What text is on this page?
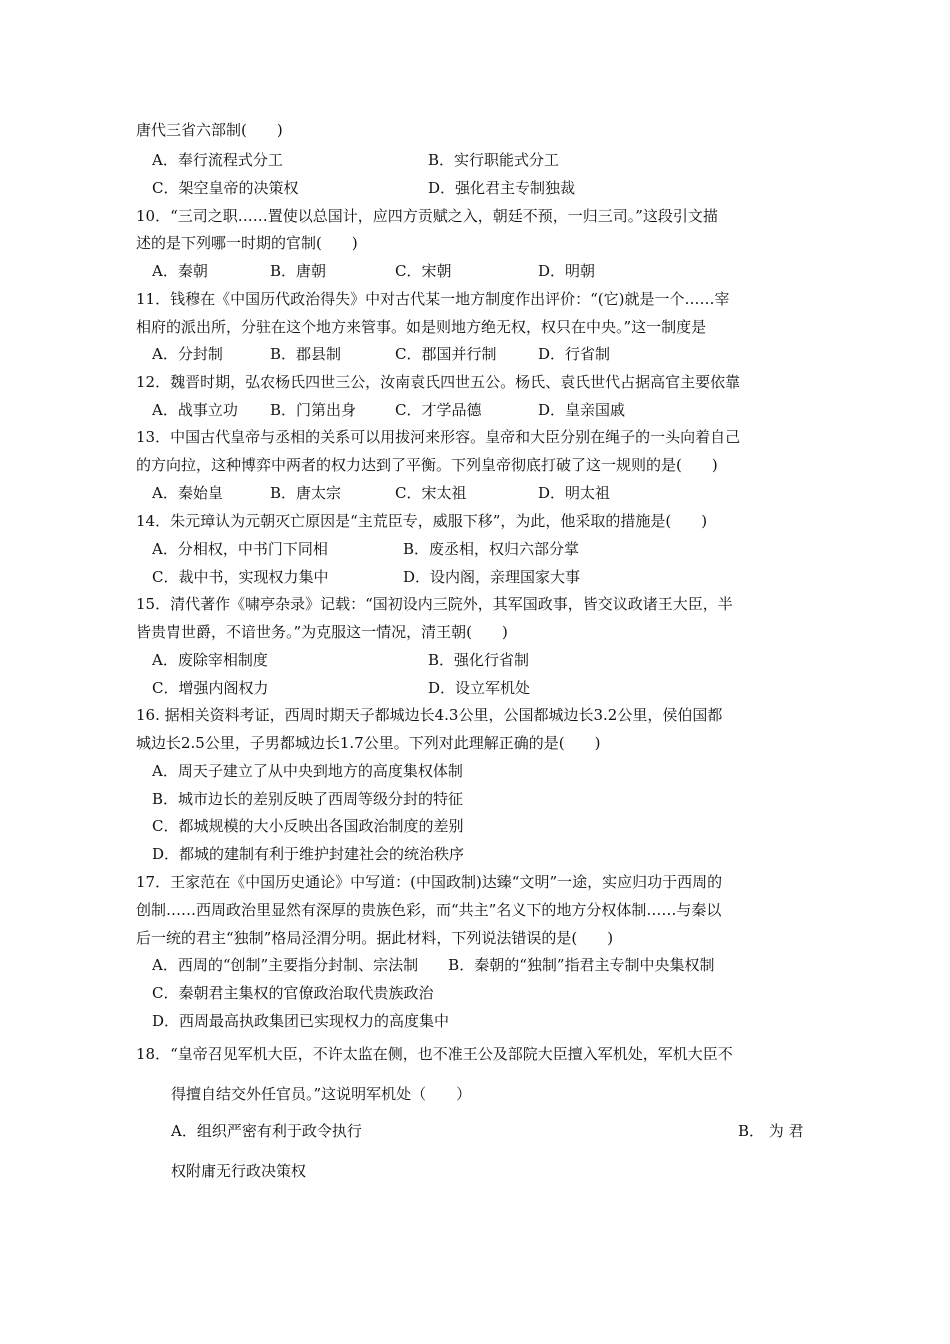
唐代三省六部制(　　)
A．奉行流程式分工	B．实行职能式分工
C．架空皇帝的决策权	D．强化君主专制独裁
10．“三司之职……置使以总国计，应四方贡赋之入，朝廷不预，一归三司。”这段引文描
述的是下列哪一时期的官制(　　)
A．秦朝	B．唐朝	C．宋朝	D．明朝
11．钱穆在《中国历代政治得失》中对古代某一地方制度作出评价：“(它)就是一个……宰
相府的派出所，分驻在这个地方来管事。如是则地方绝无权，权只在中央。”这一制度是
A．分封制	B．郡县制	C．郡国并行制	D．行省制
12．魏晋时期，弘农杨氏四世三公，汝南袁氏四世五公。杨氏、袁氏世代占据高官主要依靠
A．战事立功 B．门第出身	C．才学品德	D．皇亲国戚
13．中国古代皇帝与丞相的关系可以用拔河来形容。皇帝和大臣分别在绳子的一头向着自己
的方向拉，这种博弈中两者的权力达到了平衡。下列皇帝彻底打破了这一规则的是(　　)
A．秦始皇	B．唐太宗	C．宋太祖	D．明太祖
14．朱元璋认为元朝灭亡原因是“主荒臣专，威服下移”，为此，他采取的措施是(　　)
A．分相权，中书门下同相	B．废丞相，权归六部分掌
C．裁中书，实现权力集中	D．设内阁，亲理国家大事
15．清代著作《啸亭杂录》记载：“国初设内三院外，其军国政事，皆交议政诸王大臣，半
皆贵胄世爵，不谙世务。”为克服这一情况，清王朝(　　)
A．废除宰相制度	B．强化行省制
C．增强内阁权力	D．设立军机处
16. 据相关资料考证，西周时期天子都城边长4.3公里，公国都城边长3.2公里，侯伯国都
城边长2.5公里，子男都城边长1.7公里。下列对此理解正确的是(　　)
A．周天子建立了从中央到地方的高度集权体制
B．城市边长的差别反映了西周等级分封的特征
C．都城规模的大小反映出各国政治制度的差别
D．都城的建制有利于维护封建社会的统治秩序
17．王家范在《中国历史通论》中写道：(中国政制)达臻“文明”一途，实应归功于西周的
创制……西周政治里显然有深厚的贵族色彩，而“共主”名义下的地方分权体制……与秦以
后一统的君主“独制”格局泾渭分明。据此材料，下列说法错误的是(　　)
A．西周的“创制”主要指分封制、宗法制　　B．秦朝的“独制”指君主专制中央集权制
C．秦朝君主集权的官僚政治取代贵族政治
D．西周最高执政集团已实现权力的高度集中
18．“皇帝召见军机大臣，不许太监在侧，也不准王公及部院大臣擅入军机处，军机大臣不
得擅自结交外任官员。”这说明军机处（　　）
A．组织严密有利于政令执行	B． 为 君
权附庸无行政决策权
